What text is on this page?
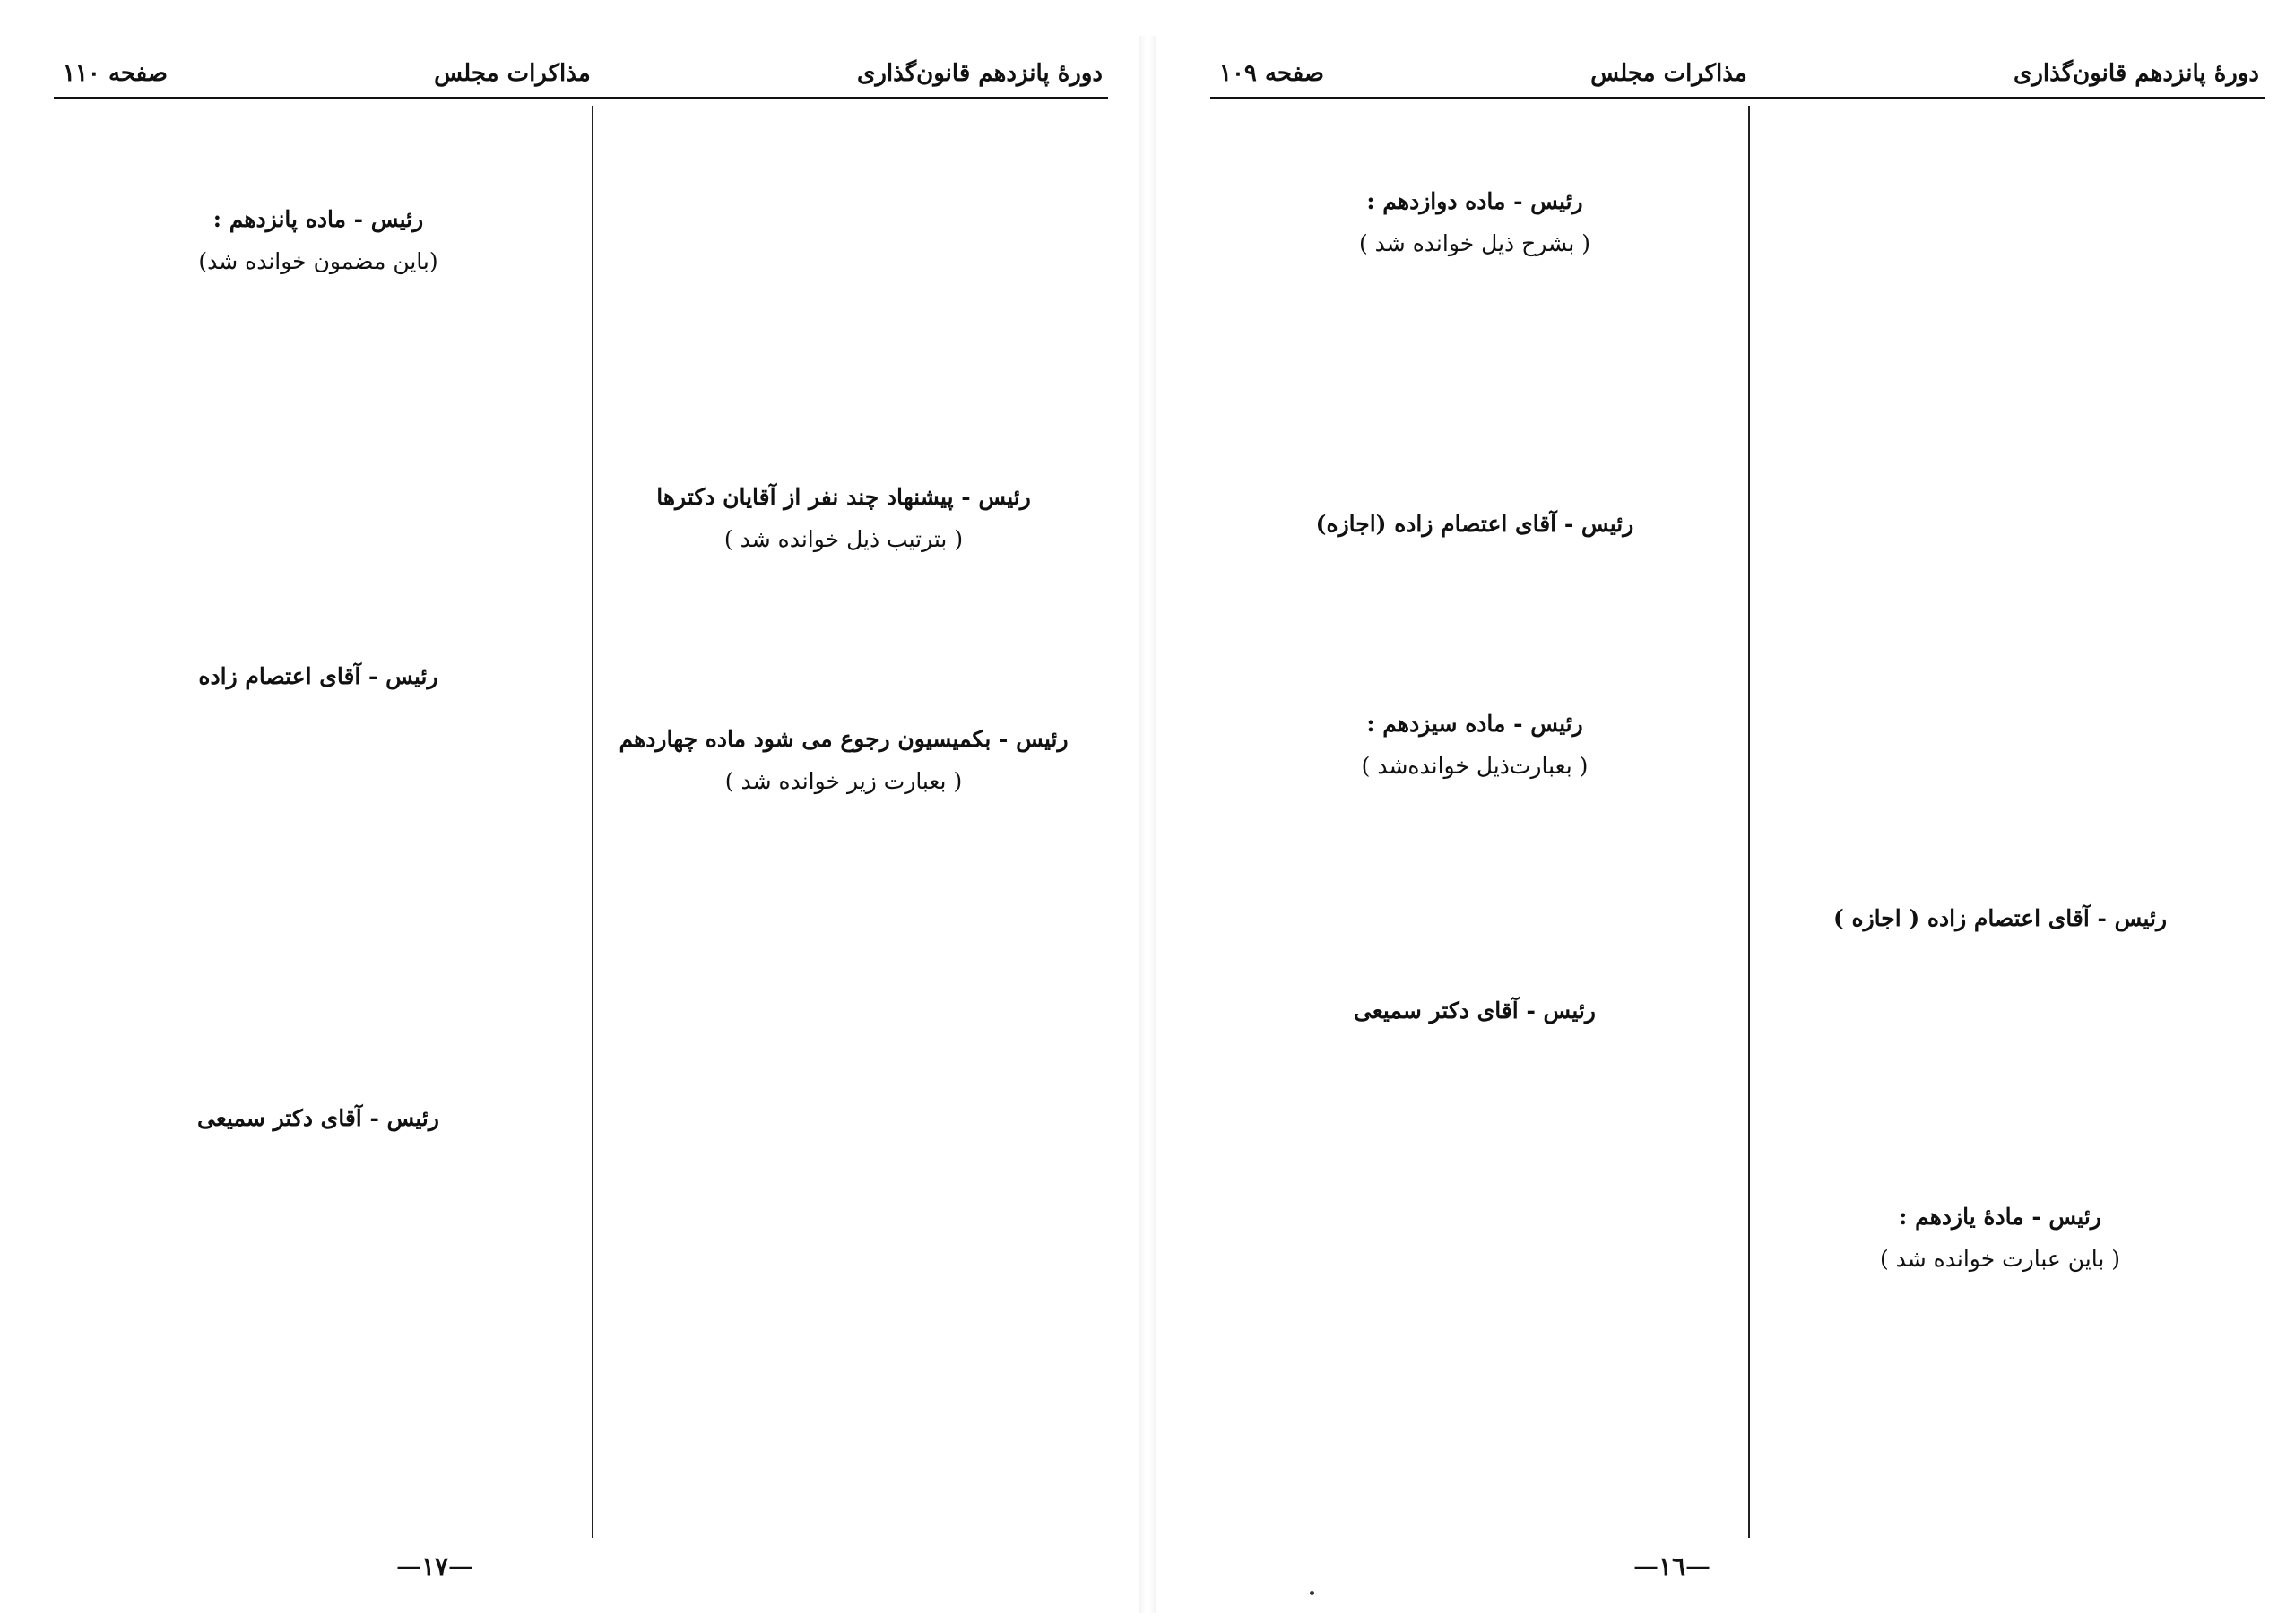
صفحه ۱۱۰	مذاکرات مجلس	دورهٔ پانزدهم قانون‌گذاری
رئیس - پیشنهاد چند نفر از آقایان دکترها
( بترتیب ذیل خوانده شد )
رئیس - بکمیسیون رجوع می شود ماده چهاردهم
( بعبارت زیر خوانده شد )
رئیس - ماده پانزدهم :
(باین مضمون خوانده شد)
رئیس - آقای اعتصام زاده
رئیس - آقای دکتر سمیعی
—١٧—
صفحه ۱۰۹	مذاکرات مجلس	دورهٔ پانزدهم قانون‌گذاری
رئیس - آقای اعتصام زاده ( اجازه )
رئیس - مادهٔ یازدهم :
( باین عبارت خوانده شد )
رئیس - ماده دوازدهم :
( بشرح ذیل خوانده شد )
رئیس - آقای اعتصام زاده (اجازه)
رئیس - ماده سیزدهم :
( بعبارت‌ذیل خوانده‌شد )
رئیس - آقای دکتر سمیعی
—١٦—
